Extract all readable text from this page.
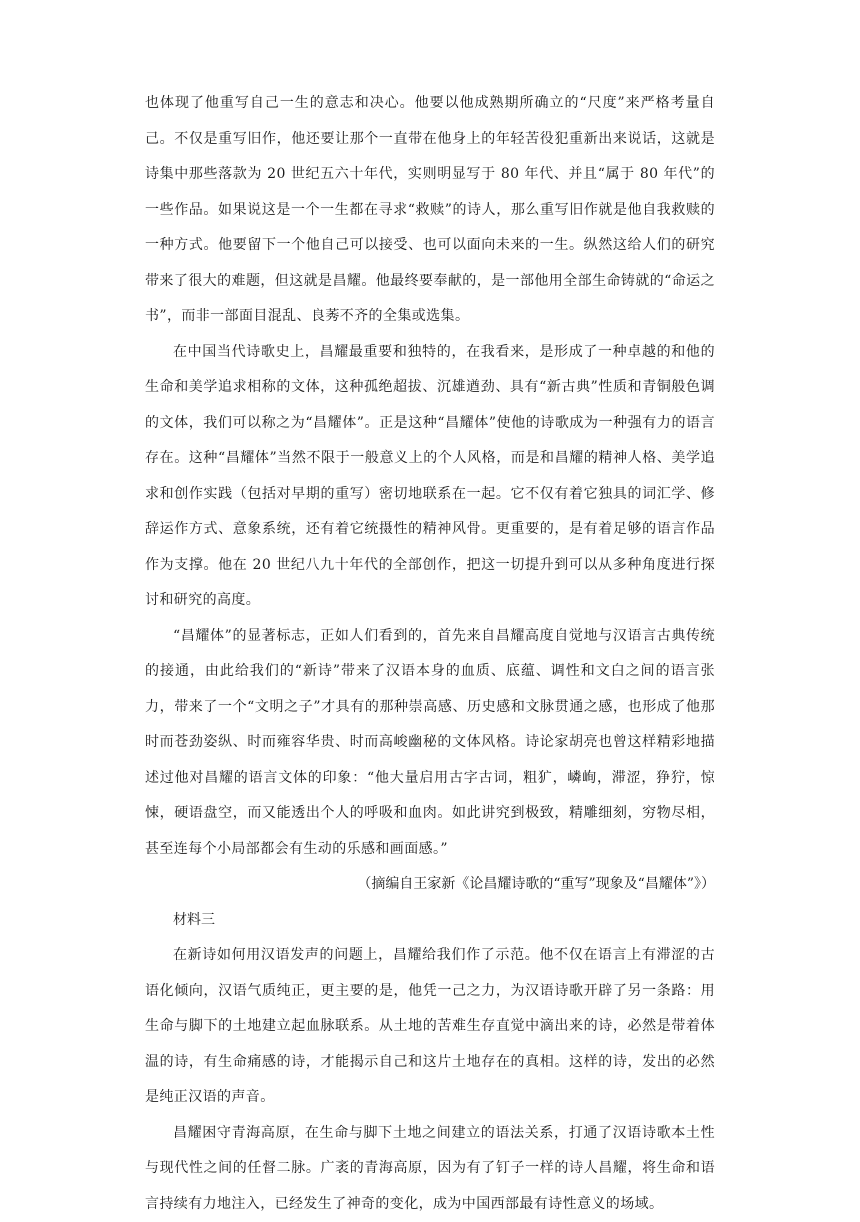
也体现了他重写自己一生的意志和决心。他要以他成熟期所确立的“尺度”来严格考量自己。不仅是重写旧作，他还要让那个一直带在他身上的年轻苦役犯重新出来说话，这就是诗集中那些落款为 20 世纪五六十年代，实则明显写于 80 年代、并且“属于 80 年代”的一些作品。如果说这是一个一生都在寻求“救赎”的诗人，那么重写旧作就是他自我救赎的一种方式。他要留下一个他自己可以接受、也可以面向未来的一生。纵然这给人们的研究带来了很大的难题，但这就是昌耀。他最终要奉献的，是一部他用全部生命铸就的“命运之书”，而非一部面目混乱、良莠不齐的全集或选集。

在中国当代诗歌史上，昌耀最重要和独特的，在我看来，是形成了一种卓越的和他的生命和美学追求相称的文体，这种孤绝超拔、沉雄遒劲、具有“新古典”性质和青铜般色调的文体，我们可以称之为“昌耀体”。正是这种“昌耀体”使他的诗歌成为一种强有力的语言存在。这种“昌耀体”当然不限于一般意义上的个人风格，而是和昌耀的精神人格、美学追求和创作实践（包括对早期的重写）密切地联系在一起。它不仅有着它独具的词汇学、修辞运作方式、意象系统，还有着它统摄性的精神风骨。更重要的，是有着足够的语言作品作为支撑。他在 20 世纪八九十年代的全部创作，把这一切提升到可以从多种角度进行探讨和研究的高度。

“昌耀体”的显著标志，正如人们看到的，首先来自昌耀高度自觉地与汉语言古典传统的接通，由此给我们的“新诗”带来了汉语本身的血质、底蕴、调性和文白之间的语言张力，带来了一个“文明之子”才具有的那种崇高感、历史感和文脉贯通之感，也形成了他那时而苍劲姿纵、时而雍容华贵、时而高峻幽秘的文体风格。诗论家胡亮也曾这样精彩地描述过他对昌耀的语言文体的印象：“他大量启用古字古词，粗犷，嶙峋，滞涩，狰狞，惊悚，硬语盘空，而又能透出个人的呼吸和血肉。如此讲究到极致，精雕细刻，穷物尽相，甚至连每个小局部都会有生动的乐感和画面感。”

（摘编自王家新《论昌耀诗歌的“重写”现象及“昌耀体”》）

材料三

在新诗如何用汉语发声的问题上，昌耀给我们作了示范。他不仅在语言上有滞涩的古语化倾向，汉语气质纯正，更主要的是，他凭一己之力，为汉语诗歌开辟了另一条路：用生命与脚下的土地建立起血脉联系。从土地的苦难生存直觉中滴出来的诗，必然是带着体温的诗，有生命痛感的诗，才能揭示自己和这片土地存在的真相。这样的诗，发出的必然是纯正汉语的声音。

昌耀困守青海高原，在生命与脚下土地之间建立的语法关系，打通了汉语诗歌本土性与现代性之间的任督二脉。广袤的青海高原，因为有了钉子一样的诗人昌耀，将生命和语言持续有力地注入，已经发生了神奇的变化，成为中国西部最有诗性意义的场域。
